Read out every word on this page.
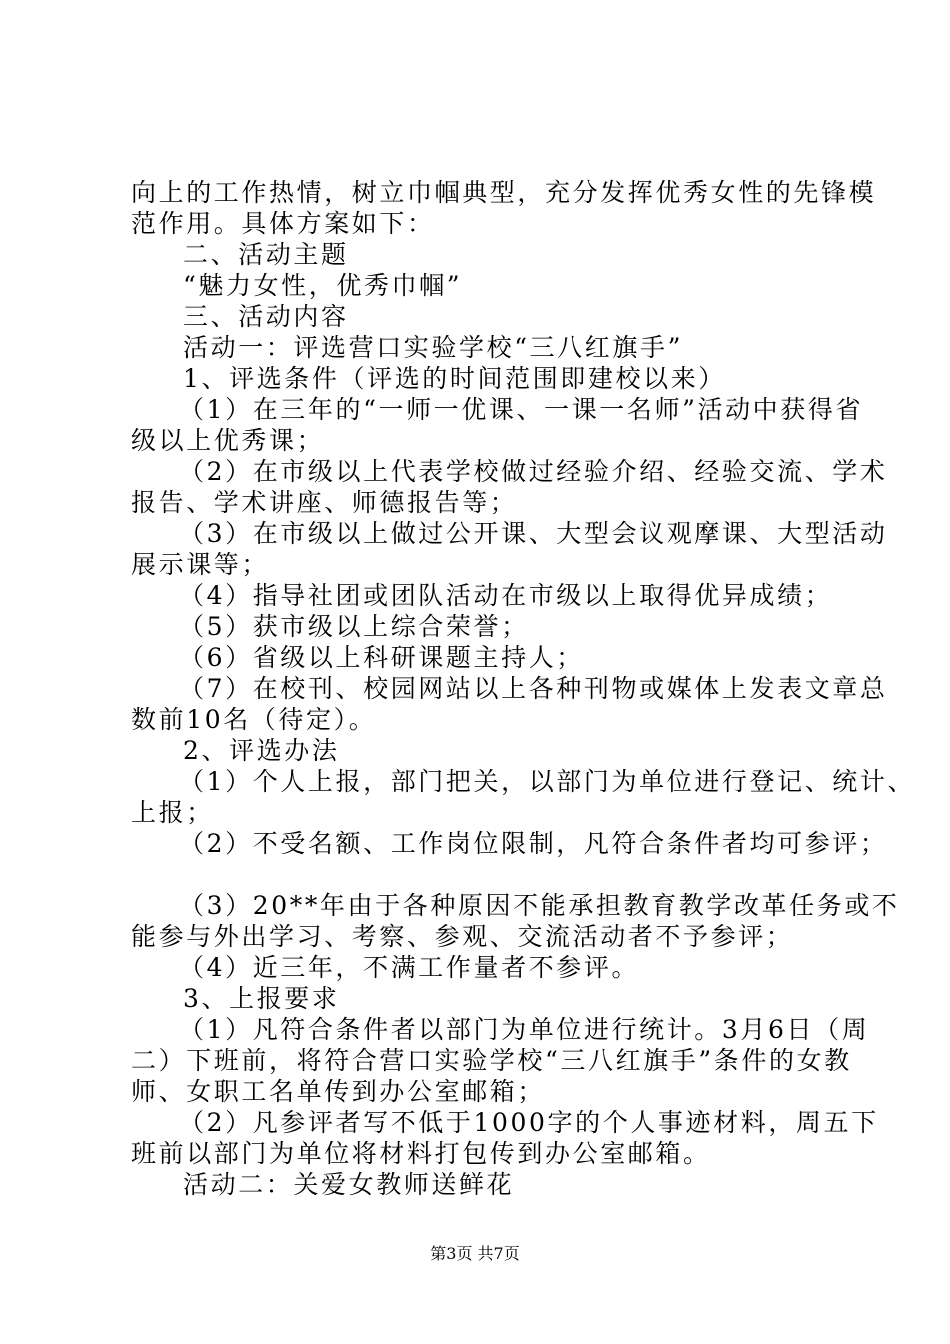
向上的工作热情，树立巾帼典型，充分发挥优秀女性的先锋模
范作用。具体方案如下：
二、活动主题
“魅力女性，优秀巾帼”
三、活动内容
活动一：评选营口实验学校“三八红旗手”
1、评选条件（评选的时间范围即建校以来）
（1）在三年的“一师一优课、一课一名师”活动中获得省
级以上优秀课；
（2）在市级以上代表学校做过经验介绍、经验交流、学术
报告、学术讲座、师德报告等；
（3）在市级以上做过公开课、大型会议观摩课、大型活动
展示课等；
（4）指导社团或团队活动在市级以上取得优异成绩；
（5）获市级以上综合荣誉；
（6）省级以上科研课题主持人；
（7）在校刊、校园网站以上各种刊物或媒体上发表文章总
数前10名（待定）。
2、评选办法
（1）个人上报，部门把关，以部门为单位进行登记、统计、
上报；
（2）不受名额、工作岗位限制，凡符合条件者均可参评；
（3）20**年由于各种原因不能承担教育教学改革任务或不
能参与外出学习、考察、参观、交流活动者不予参评；
（4）近三年，不满工作量者不参评。
3、上报要求
（1）凡符合条件者以部门为单位进行统计。3月6日（周
二）下班前，将符合营口实验学校“三八红旗手”条件的女教
师、女职工名单传到办公室邮箱；
（2）凡参评者写不低于1000字的个人事迹材料，周五下
班前以部门为单位将材料打包传到办公室邮箱。
活动二：关爱女教师送鲜花
第3页 共7页
